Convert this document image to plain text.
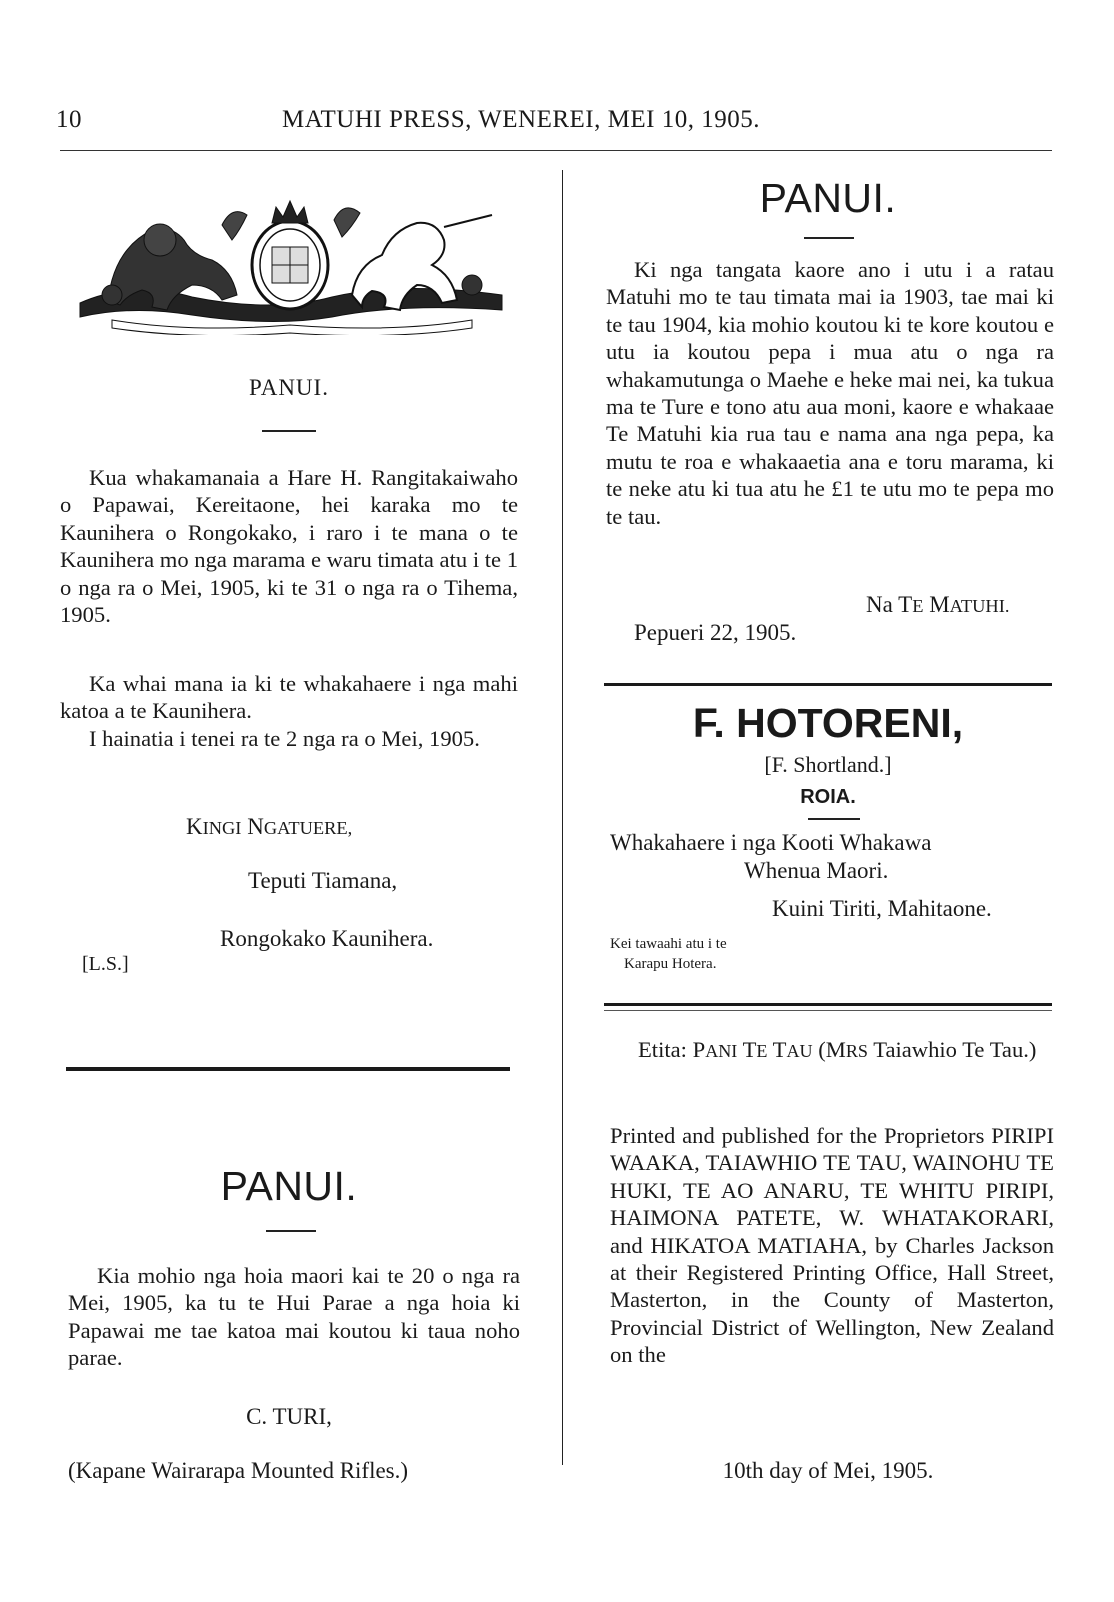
10	MATUHI PRESS, WENEREI, MEI 10, 1905.
PANUI.
Kua whakamanaia a Hare H. Rangitakaiwaho o Papawai, Kereitaone, hei karaka mo te Kaunihera o Rongokako, i raro i te mana o te Kaunihera mo nga marama e waru timata atu i te 1 o nga ra o Mei, 1905, ki te 31 o nga ra o Tihema, 1905.
Ka whai mana ia ki te whakahaere i nga mahi katoa a te Kaunihera.
I hainatia i tenei ra te 2 nga ra o Mei, 1905.
KINGI NGATUERE,
Teputi Tiamana,
Rongokako Kaunihera.
[L.S.]
PANUI.
Kia mohio nga hoia maori kai te 20 o nga ra Mei, 1905, ka tu te Hui Parae a nga hoia ki Papawai me tae katoa mai koutou ki taua noho parae.
C. TURI,
(Kapane Wairarapa Mounted Rifles.)
PANUI.
Ki nga tangata kaore ano i utu i a ratau Matuhi mo te tau timata mai ia 1903, tae mai ki te tau 1904, kia mohio koutou ki te kore koutou e utu ia koutou pepa i mua atu o nga ra whakamutunga o Maehe e heke mai nei, ka tukua ma te Ture e tono atu aua moni, kaore e whakaae Te Matuhi kia rua tau e nama ana nga pepa, ka mutu te roa e whakaaetia ana e toru marama, ki te neke atu ki tua atu he £1 te utu mo te pepa mo te tau.
Na TE MATUHI.
Pepueri 22, 1905.
F. HOTORENI,
[F. Shortland.]
ROIA.
Whakahaere i nga Kooti Whakawa
Whenua Maori.
Kuini Tiriti, Mahitaone.
Kei tawaahi atu i te
Karapu Hotera.
Etita: PANI TE TAU (MRS Taiawhio Te Tau.)
Printed and published for the Proprietors PIRIPI WAAKA, TAIAWHIO TE TAU, WAINOHU TE HUKI, TE AO ANARU, TE WHITU PIRIPI, HAIMONA PATETE, W. WHATAKORARI, and HIKATOA MATIAHA, by Charles Jackson at their Registered Printing Office, Hall Street, Masterton, in the County of Masterton, Provincial District of Wellington, New Zealand on the
10th day of Mei, 1905.
